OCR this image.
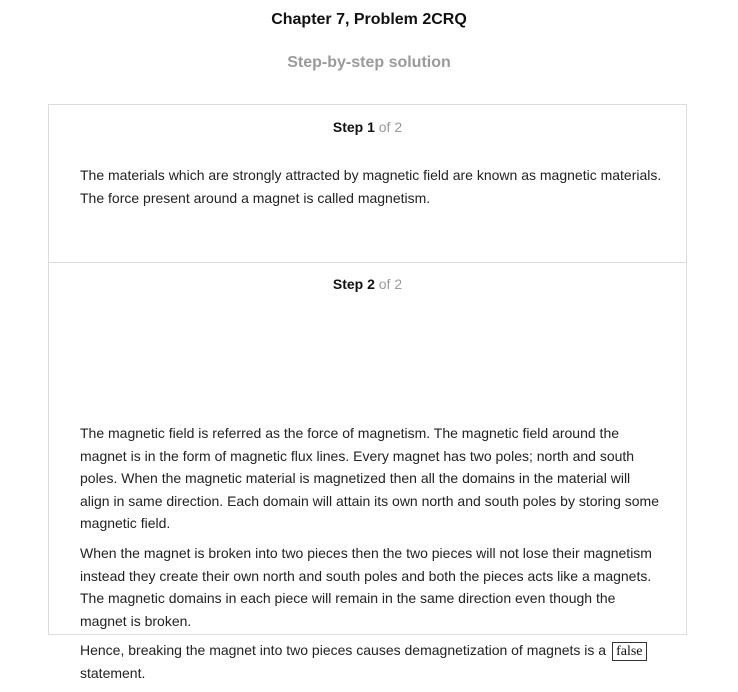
Chapter 7, Problem 2CRQ
Step-by-step solution
Step 1 of 2

The materials which are strongly attracted by magnetic field are known as magnetic materials. The force present around a magnet is called magnetism.

Step 2 of 2

The magnetic field is referred as the force of magnetism. The magnetic field around the magnet is in the form of magnetic flux lines. Every magnet has two poles; north and south poles. When the magnetic material is magnetized then all the domains in the material will align in same direction. Each domain will attain its own north and south poles by storing some magnetic field.

When the magnet is broken into two pieces then the two pieces will not lose their magnetism instead they create their own north and south poles and both the pieces acts like a magnets. The magnetic domains in each piece will remain in the same direction even though the magnet is broken.

Hence, breaking the magnet into two pieces causes demagnetization of magnets is a false
statement.
